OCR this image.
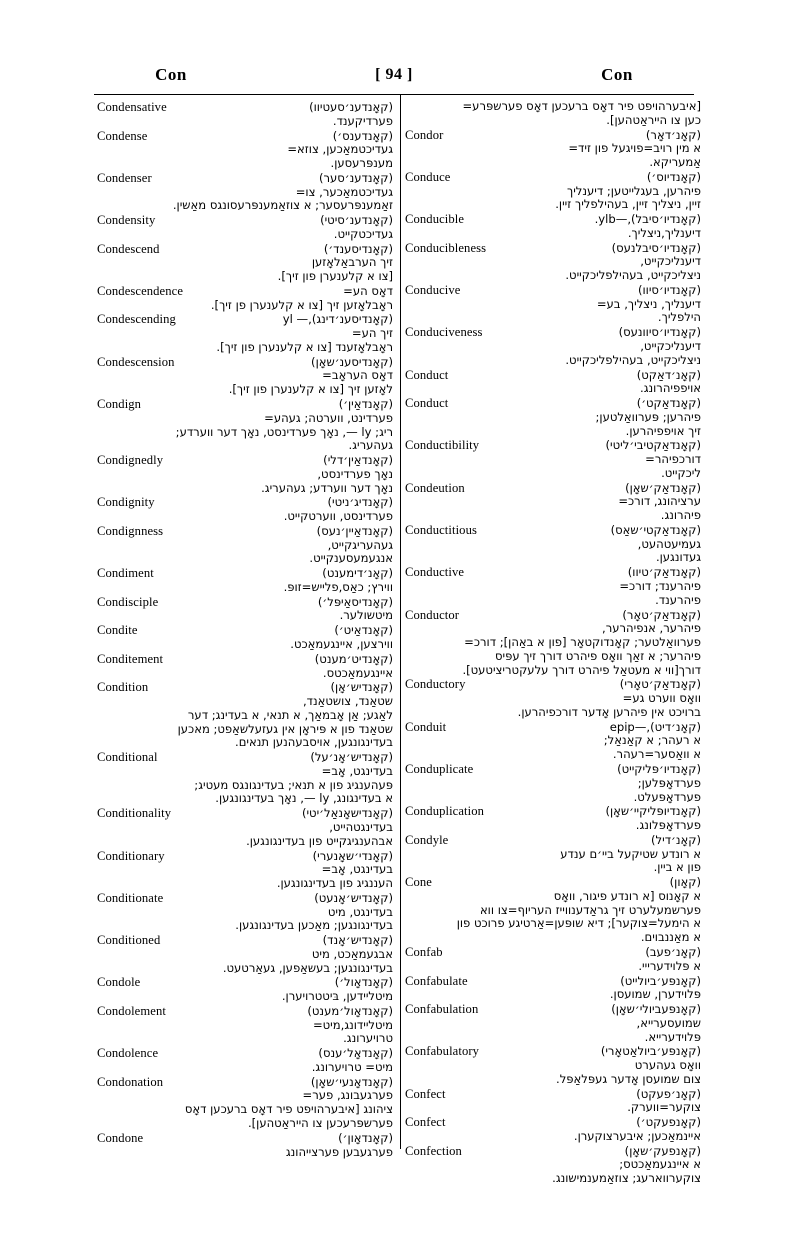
Con	[ 94 ]	Con
Condensative	(קאָנדענ׳סעטיוו)
פערדיקענד.
Condense	(קאָנדענס׳)
געדיכטמאַכען, צוזא=
מענפּרעסען.
Condenser	(קאָנדענ׳סער)
געדיכטמאַכער, צו=
זאַמענפּרעסער; א צוזאַמענפּרעסונגס מאַשין.
Condensity	(קאָנדענ׳סיטי)
געדיכטקייט.
Condescend	(קאָנדיסענד׳)
זיך הערבאַלאָזען
[צו א קלענערן פון זיך].
Condescendence	דאָס הע=
ראָבלאָזען זיך [צו א קלענערן פן זיך].
Condescending	(קאָנדיסענ׳דינג),— ly
זיך הע=
ראָבלאָזענד [צו א קלענערן פון זיך].
Condescension	(קאָנדיסענ׳שאָן)
דאָס העראָב=
לאָזען זיך [צו א קלענערן פון זיך].
Condign	(קאָנדאַין׳)
פערדינט, ווערטה; געהע=
ריג; ly —, נאָך פערדינסט, נאָך דער ווערדע;
געהעריג.
Condignedly	(קאָנדאַין׳דלי)
נאָך פערדינסט,
נאָך דער ווערדע; געהעריג.
Condignity	(קאָנדיג׳ניטי)
פערדינסט, ווערטקייט.
Condignness	(קאָנדאַיין׳נעס)
געהעריגקייט,
אנגעמעסענקייט.
Condiment	(קאָנ׳דימענט)
ווירץ; כאַס,פלייש=זופּ.
Condisciple	(קאָנדיסאַיפּל׳)
מיטשולער.
Condite	(קאָנדאַיט׳)
ווירצען, איינגעמאַכט.
Conditement	(קאָנדיט׳מענט)
איינגעמאַכטס.
Condition	(קאָנדיש׳אָן)
שטאַנד, צושטאַנד,
לאַגע; אַן אָבמאַך, א תנאי, א בעדינג; דער
שטאַנד פון א פּיראָן אין געזעלשאַפט; מאכען
בעדינגונגען, אויסבעהנען תנאים.
Conditional	(קאָנדיש׳אָנ׳על)
בעדינגט, אָב=
פּעהענגיג פון א תנאי; בעדינגונגס מעטיג;
א בעדינגונג, ly —, נאָך בעדינגונגען.
Conditionality	(קאָנדישאָנאַל׳יטי)
בעדינגטהייט,
אבהענגיגקייט פון בעדינגונגען.
Conditionary	(קאָנדי׳שאָנערי)
בעדינגט, אָב=
העננגיג פון בעדינגונגען.
Conditionate	(קאָנדיש׳אָנעט)
בעדינגט, מיט
בעדינגונגען; מאַכען בעדינגונגען.
Conditioned	(קאָנדיש׳אָנד)
אבגעמאַכט, מיט
בעדינגונגען; בעשאַפען, געאַרטעט.
Condole	(קאָנדאָול׳)
מיטליידען, בּיטטרויערן.
Condolement	(קאָנדאָול׳מענט)
מיטליידונג,מיט=
טרויערונג.
Condolence	(קאָנדאָל׳ענס)
מיט= טרויערונג.
Condonation	(קאָנדאָנעי׳שאָן)
פערגעבונג, פער=
ציהונג [איבערהויפט פיר דאָס ברעכען דאָס
פערשפּרעכען צו הייראַטהען].
Condone	(קאָנדאָון׳)
פערגעבען פערצייהונג
[איבערהויפט פיר דאָס ברעכען דאָס פערשפּרע=
כען צו הייראַטהען].
Condor	(קאָנ׳דאָר)
א מין רויב=פויגעל פון זיד=
אַמעריקא.
Conduce	(קאָנדיוס׳)
פיהרען, בעגלייטען; דיענליך
זיין, ניצליך זיין, בעהילפליך זיין.
Conducible	(קאָנדיו׳סיבל),—bly.
דיענליך,ניצליך.
Conducibleness	(קאָנדיו׳סיבלנעס)
דיענליכקייט,
ניצליכקייט, בעהילפליכקייט.
Conducive	(קאָנדיו׳סיוו)
דיענליך, ניצליך, בע=
הילפליך.
Conduciveness	(קאָנדיו׳סיוונעס)
דיענליכקייט,
ניצליכקייט, בעהילפליכקייט.
Conduct	(קאָנ׳דאַקט)
אויפפיהרונג.
Conduct	(קאָנדאַקט׳)
פיהרען; פּערוואַלטען;
זיך אויפפיהרען.
Conductibility	(קאָנדאַקטיבי׳ליטי)
דורכפיהר=
ליכקייט.
Condeution	(קאָנדאַק׳שאָן)
ערציהונג, דורכ=
פיהרונג.
Conductitious	(קאָנדאַקטי׳שאַס)
געמיעטהעט,
געדונגען.
Conductive	(קאָנדאַק׳טיוו)
פיהרענד; דורכ=
פיהרענד.
Conductor	(קאָנדאַק׳טאָר)
פיהרער, אנפיהרער,
פערוואַלטער; קאָנדוקטאָר [פון א באַהן]; דורכ=
פיהרער; א זאַך וואָס פיהרט דורך זיך עפּיס
דורך[ווי א מעטאַל פיהרט דורך עלעקטריציטעט].
Conductory	(קאָנדאַק׳טאָרי)
וואָס ווערט גע=
ברויכט אין פיהרען אָדער דורכפיהרען.
Conduit	(קאָנ׳דיט),—pipe
א רעהר; א קאַנאַל;
א וואַסער=רעהר.
Conduplicate	(קאָנדיו׳פּליקייט)
פערדאָפּלען;
פערדאָפּעלט.
Conduplication	(קאָנדיופּליקיי׳שאָן)
פערדאָפּלונג.
Condyle	(קאָנ׳דיל)
א רונדע שטיקעל ביי׳ם ענדע
פון א ביין.
Cone	(קאָון)
א קאָנוס [א רונדע פיגור, וואָס
פערשמעלערט זיך גראַדענווייז העריוף=צו ווא
א הימעל=צוקער]; דיא שופּען=אַרטיגע פרוכט פון
א מאַננבוים.
Confab	(קאָנ׳פעב)
א פּלוידערייי.
Confabulate	(קאָנפּע׳ביולייט)
פּלוידערן, שמועסן.
Confabulation	(קאָנפּעביולי׳שאָן)
שמועסערייא,
פּלוידערייא.
Confabulatory	(קאָנפּע׳ביולאַטאָרי)
וואָס געהערט
צום שמועסן אָדער געפּלאַפּל.
Confect	(קאָנ׳פעקט)
צוקער=ווערק.
Confect	(קאָנפעקט׳)
איינמאַכען; איבערצוקערן.
Confection	(קאָנפעק׳שאָן)
א איינגעמאַכטס;
צוקערווארעג; צוזאַמענמישונג.
